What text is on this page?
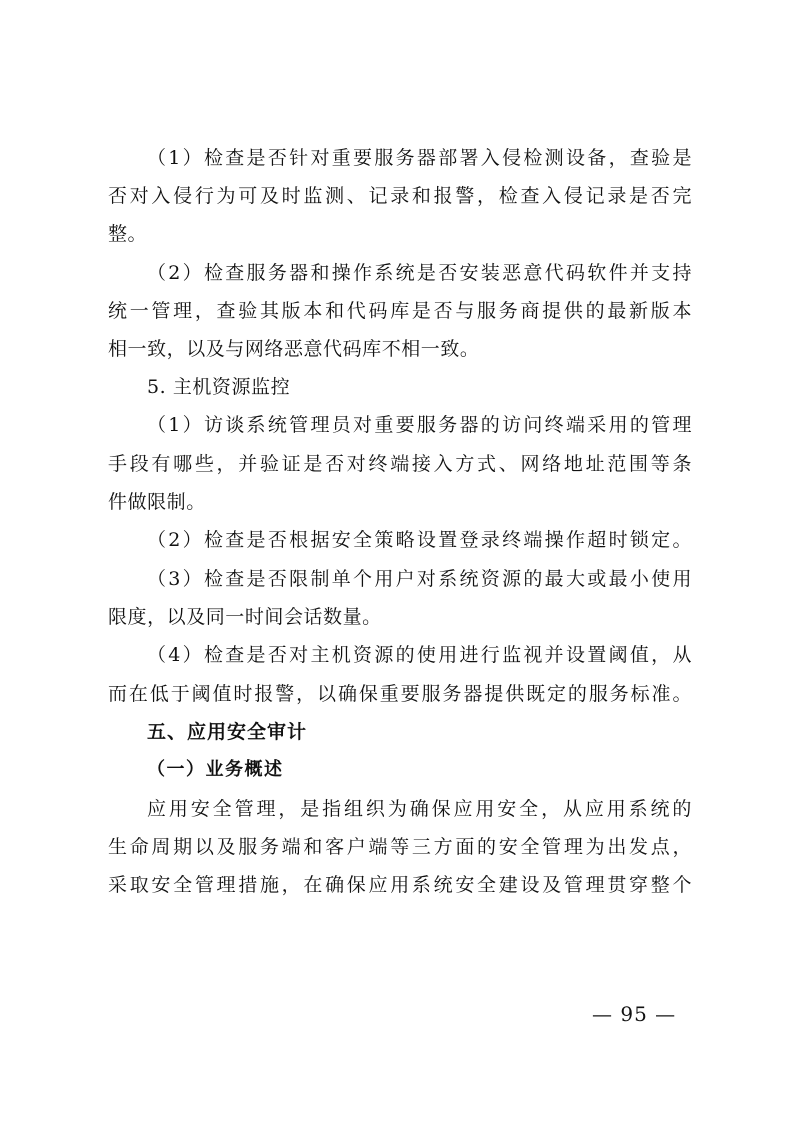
（1）检查是否针对重要服务器部署入侵检测设备，查验是

否对入侵行为可及时监测、记录和报警，检查入侵记录是否完

整。

（2）检查服务器和操作系统是否安装恶意代码软件并支持

统一管理，查验其版本和代码库是否与服务商提供的最新版本

相一致，以及与网络恶意代码库不相一致。

5. 主机资源监控

（1）访谈系统管理员对重要服务器的访问终端采用的管理

手段有哪些，并验证是否对终端接入方式、网络地址范围等条

件做限制。

（2）检查是否根据安全策略设置登录终端操作超时锁定。

（3）检查是否限制单个用户对系统资源的最大或最小使用

限度，以及同一时间会话数量。

（4）检查是否对主机资源的使用进行监视并设置阈值，从

而在低于阈值时报警，以确保重要服务器提供既定的服务标准。

五、应用安全审计

（一）业务概述

应用安全管理，是指组织为确保应用安全，从应用系统的

生命周期以及服务端和客户端等三方面的安全管理为出发点，

采取安全管理措施，在确保应用系统安全建设及管理贯穿整个

— 95 —
